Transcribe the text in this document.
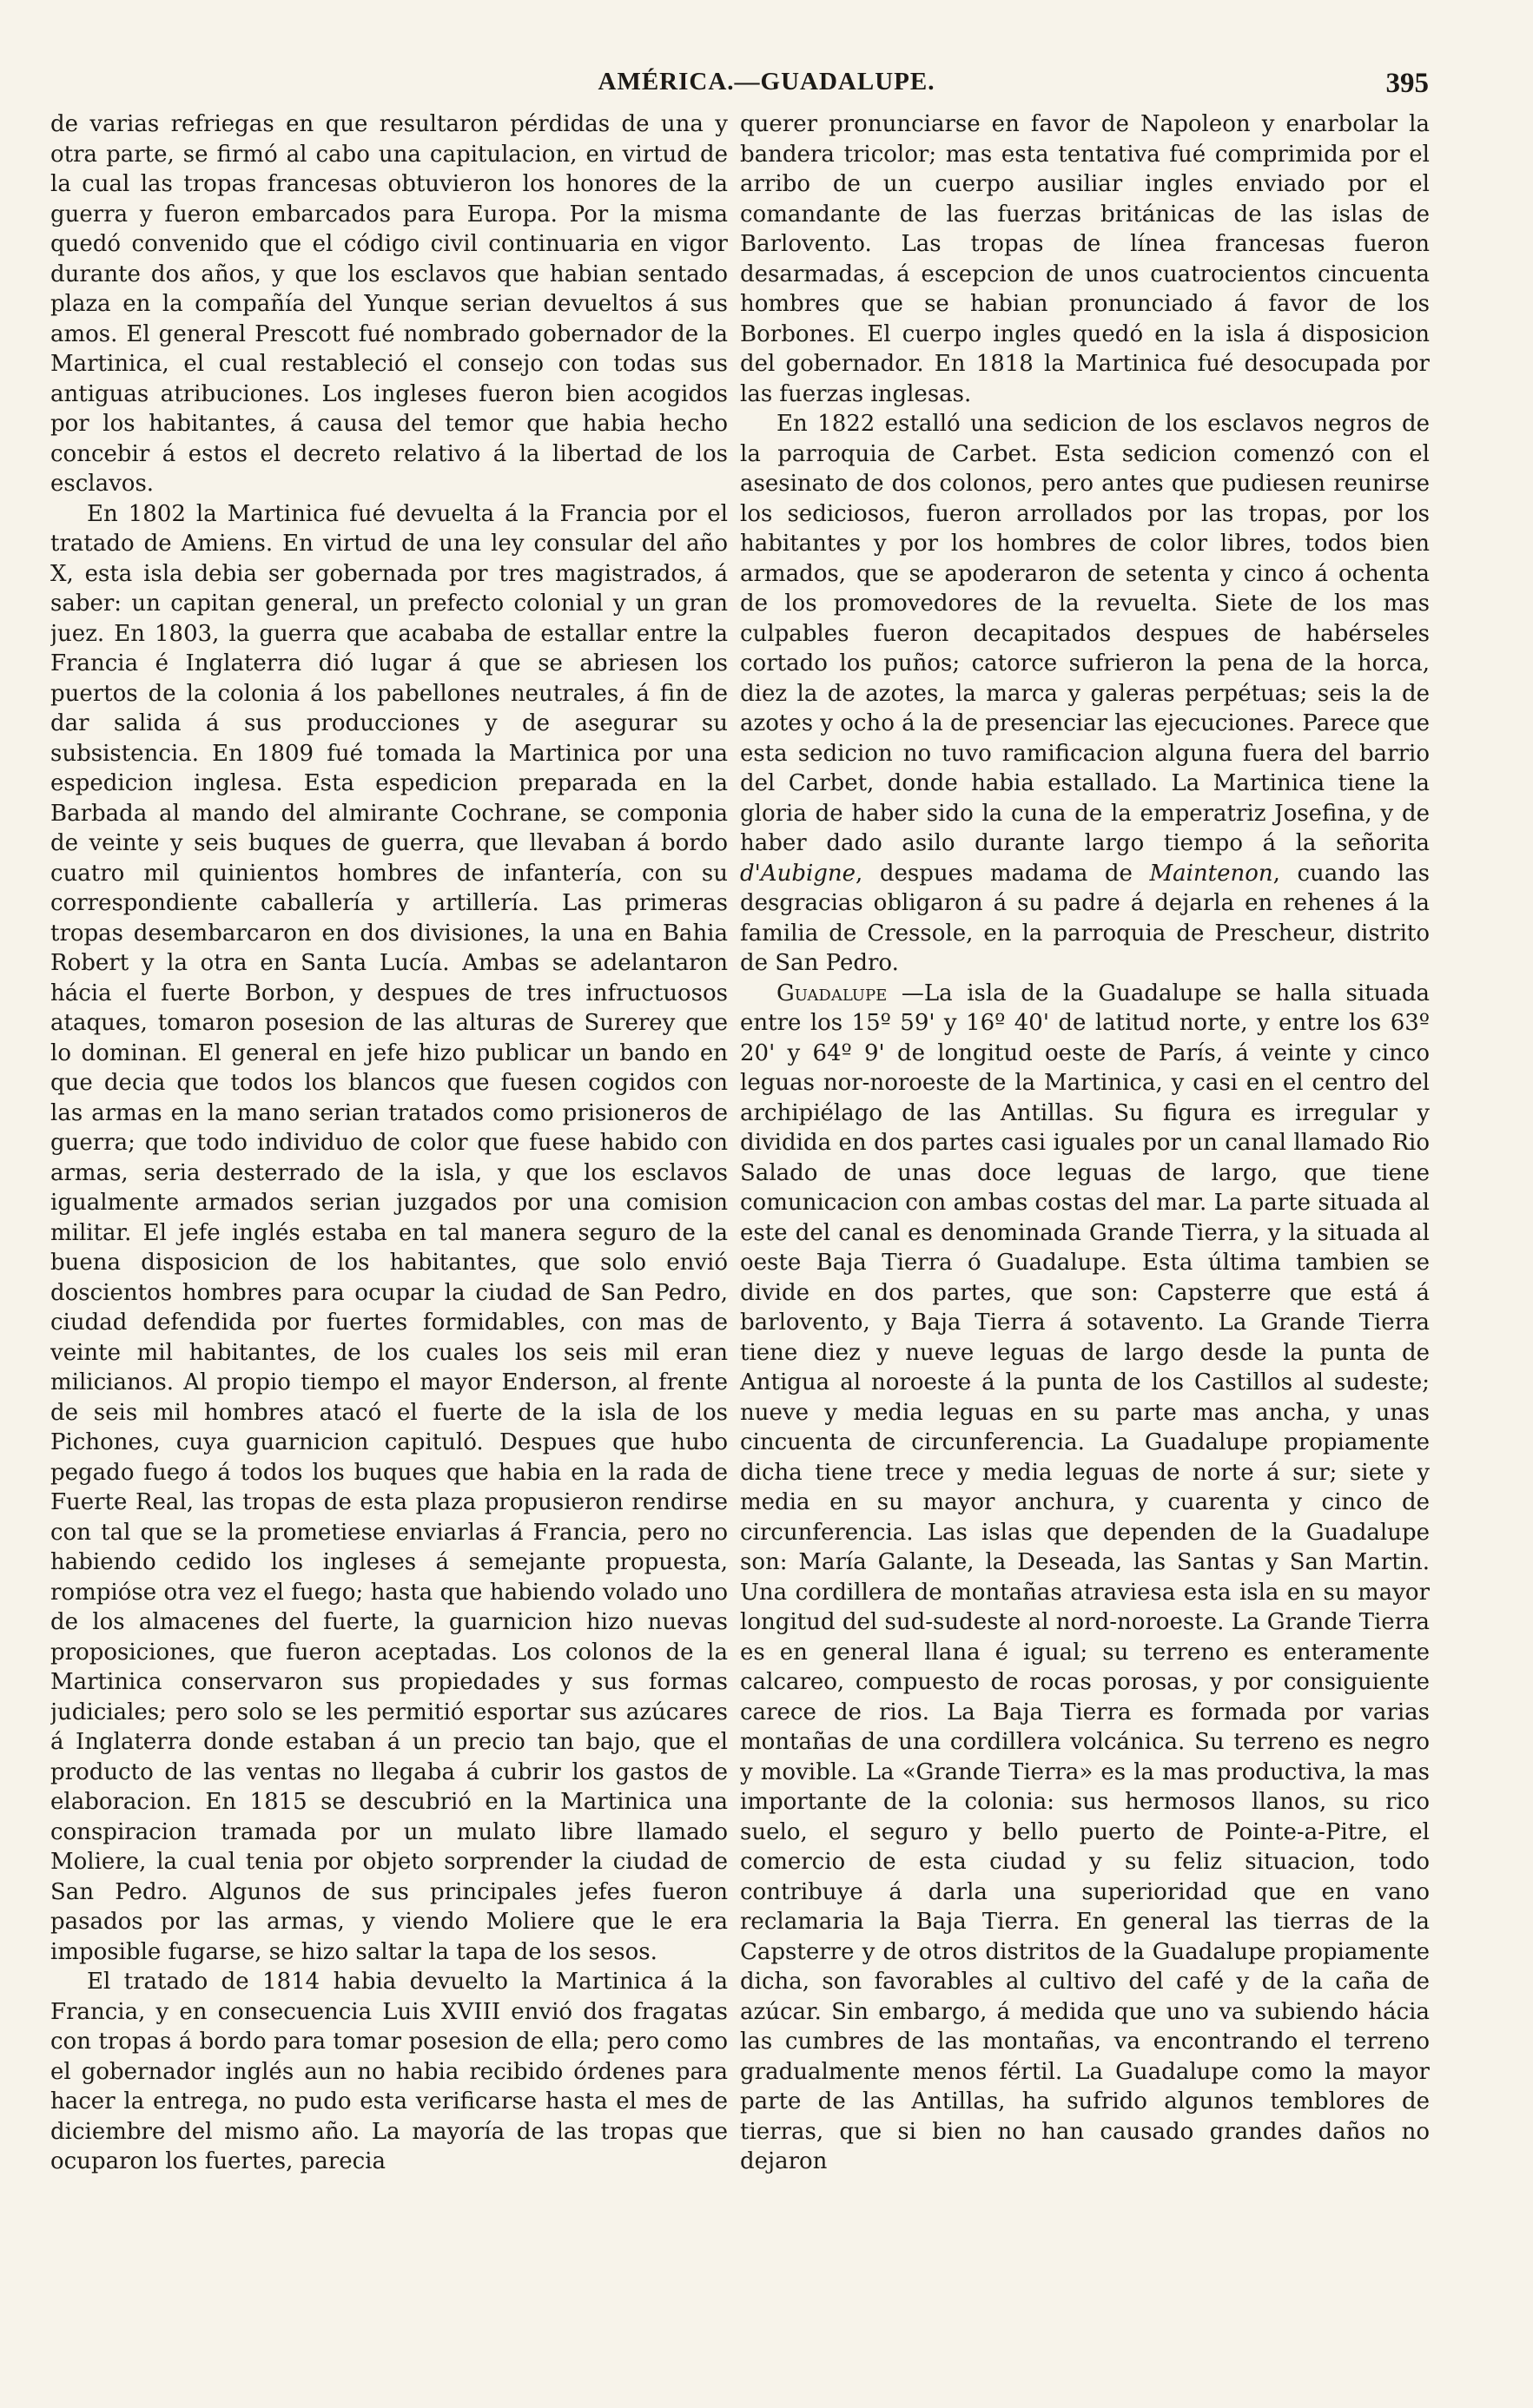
AMÉRICA.—GUADALUPE.	395

de varias refriegas en que resultaron pérdidas de una y otra parte, se firmó al cabo una capitulacion, en virtud de la cual las tropas francesas obtuvieron los honores de la guerra y fueron embarcados para Europa. Por la misma quedó convenido que el código civil continuaria en vigor durante dos años, y que los esclavos que habian sentado plaza en la compañía del Yunque serian devueltos á sus amos. El general Prescott fué nombrado gobernador de la Martinica, el cual restableció el consejo con todas sus antiguas atribuciones. Los ingleses fueron bien acogidos por los habitantes, á causa del temor que habia hecho concebir á estos el decreto relativo á la libertad de los esclavos.

En 1802 la Martinica fué devuelta á la Francia por el tratado de Amiens. En virtud de una ley consular del año X, esta isla debia ser gobernada por tres magistrados, á saber: un capitan general, un prefecto colonial y un gran juez. En 1803, la guerra que acababa de estallar entre la Francia é Inglaterra dió lugar á que se abriesen los puertos de la colonia á los pabellones neutrales, á fin de dar salida á sus producciones y de asegurar su subsistencia. En 1809 fué tomada la Martinica por una espedicion inglesa. Esta espedicion preparada en la Barbada al mando del almirante Cochrane, se componia de veinte y seis buques de guerra, que llevaban á bordo cuatro mil quinientos hombres de infantería, con su correspondiente caballería y artillería. Las primeras tropas desembarcaron en dos divisiones, la una en Bahia Robert y la otra en Santa Lucía. Ambas se adelantaron hácia el fuerte Borbon, y despues de tres infructuosos ataques, tomaron posesion de las alturas de Surerey que lo dominan. El general en jefe hizo publicar un bando en que decia que todos los blancos que fuesen cogidos con las armas en la mano serian tratados como prisioneros de guerra; que todo individuo de color que fuese habido con armas, seria desterrado de la isla, y que los esclavos igualmente armados serian juzgados por una comision militar. El jefe inglés estaba en tal manera seguro de la buena disposicion de los habitantes, que solo envió doscientos hombres para ocupar la ciudad de San Pedro, ciudad defendida por fuertes formidables, con mas de veinte mil habitantes, de los cuales los seis mil eran milicianos. Al propio tiempo el mayor Enderson, al frente de seis mil hombres atacó el fuerte de la isla de los Pichones, cuya guarnicion capituló. Despues que hubo pegado fuego á todos los buques que habia en la rada de Fuerte Real, las tropas de esta plaza propusieron rendirse con tal que se la prometiese enviarlas á Francia, pero no habiendo cedido los ingleses á semejante propuesta, rompióse otra vez el fuego; hasta que habiendo volado uno de los almacenes del fuerte, la guarnicion hizo nuevas proposiciones, que fueron aceptadas. Los colonos de la Martinica conservaron sus propiedades y sus formas judiciales; pero solo se les permitió esportar sus azúcares á Inglaterra donde estaban á un precio tan bajo, que el producto de las ventas no llegaba á cubrir los gastos de elaboracion. En 1815 se descubrió en la Martinica una conspiracion tramada por un mulato libre llamado Moliere, la cual tenia por objeto sorprender la ciudad de San Pedro. Algunos de sus principales jefes fueron pasados por las armas, y viendo Moliere que le era imposible fugarse, se hizo saltar la tapa de los sesos.

El tratado de 1814 habia devuelto la Martinica á la Francia, y en consecuencia Luis XVIII envió dos fragatas con tropas á bordo para tomar posesion de ella; pero como el gobernador inglés aun no habia recibido órdenes para hacer la entrega, no pudo esta verificarse hasta el mes de diciembre del mismo año. La mayoría de las tropas que ocuparon los fuertes, parecia

querer pronunciarse en favor de Napoleon y enarbolar la bandera tricolor; mas esta tentativa fué comprimida por el arribo de un cuerpo ausiliar ingles enviado por el comandante de las fuerzas británicas de las islas de Barlovento. Las tropas de línea francesas fueron desarmadas, á escepcion de unos cuatrocientos cincuenta hombres que se habian pronunciado á favor de los Borbones. El cuerpo ingles quedó en la isla á disposicion del gobernador. En 1818 la Martinica fué desocupada por las fuerzas inglesas.

En 1822 estalló una sedicion de los esclavos negros de la parroquia de Carbet. Esta sedicion comenzó con el asesinato de dos colonos, pero antes que pudiesen reunirse los sediciosos, fueron arrollados por las tropas, por los habitantes y por los hombres de color libres, todos bien armados, que se apoderaron de setenta y cinco á ochenta de los promovedores de la revuelta. Siete de los mas culpables fueron decapitados despues de habérseles cortado los puños; catorce sufrieron la pena de la horca, diez la de azotes, la marca y galeras perpétuas; seis la de azotes y ocho á la de presenciar las ejecuciones. Parece que esta sedicion no tuvo ramificacion alguna fuera del barrio del Carbet, donde habia estallado. La Martinica tiene la gloria de haber sido la cuna de la emperatriz Josefina, y de haber dado asilo durante largo tiempo á la señorita d'Aubigne, despues madama de Maintenon, cuando las desgracias obligaron á su padre á dejarla en rehenes á la familia de Cressole, en la parroquia de Prescheur, distrito de San Pedro.

Guadalupe —La isla de la Guadalupe se halla situada entre los 15º 59' y 16º 40' de latitud norte, y entre los 63º 20' y 64º 9' de longitud oeste de París, á veinte y cinco leguas nor-noroeste de la Martinica, y casi en el centro del archipiélago de las Antillas. Su figura es irregular y dividida en dos partes casi iguales por un canal llamado Rio Salado de unas doce leguas de largo, que tiene comunicacion con ambas costas del mar. La parte situada al este del canal es denominada Grande Tierra, y la situada al oeste Baja Tierra ó Guadalupe. Esta última tambien se divide en dos partes, que son: Capsterre que está á barlovento, y Baja Tierra á sotavento. La Grande Tierra tiene diez y nueve leguas de largo desde la punta de Antigua al noroeste á la punta de los Castillos al sudeste; nueve y media leguas en su parte mas ancha, y unas cincuenta de circunferencia. La Guadalupe propiamente dicha tiene trece y media leguas de norte á sur; siete y media en su mayor anchura, y cuarenta y cinco de circunferencia. Las islas que dependen de la Guadalupe son: María Galante, la Deseada, las Santas y San Martin. Una cordillera de montañas atraviesa esta isla en su mayor longitud del sud-sudeste al nord-noroeste. La Grande Tierra es en general llana é igual; su terreno es enteramente calcareo, compuesto de rocas porosas, y por consiguiente carece de rios. La Baja Tierra es formada por varias montañas de una cordillera volcánica. Su terreno es negro y movible. La «Grande Tierra» es la mas productiva, la mas importante de la colonia: sus hermosos llanos, su rico suelo, el seguro y bello puerto de Pointe-a-Pitre, el comercio de esta ciudad y su feliz situacion, todo contribuye á darla una superioridad que en vano reclamaria la Baja Tierra. En general las tierras de la Capsterre y de otros distritos de la Guadalupe propiamente dicha, son favorables al cultivo del café y de la caña de azúcar. Sin embargo, á medida que uno va subiendo hácia las cumbres de las montañas, va encontrando el terreno gradualmente menos fértil. La Guadalupe como la mayor parte de las Antillas, ha sufrido algunos temblores de tierras, que si bien no han causado grandes daños no dejaron
